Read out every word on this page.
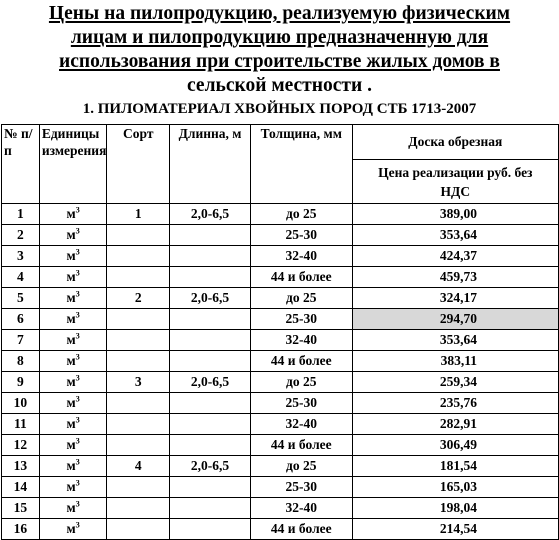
Цены на пилопродукцию, реализуемую физическим
лицам и пилопродукцию предназначенную для
использования при строительстве жилых домов в
сельской местности .
1. ПИЛОМАТЕРИАЛ ХВОЙНЫХ ПОРОД СТБ 1713-2007
№ п/п	Единицы измерения	Сорт	Длинна, м	Толщина, мм	Доска обрезная
					Цена реализации руб. без НДС
1	$м^3$	1	2,0-6,5	до 25	389,00
2	$м^3$			25-30	353,64
3	$м^3$			32-40	424,37
4	$м^3$			44 и более	459,73
5	$м^3$	2	2,0-6,5	до 25	324,17
6	$м^3$			25-30	294,70
7	$м^3$			32-40	353,64
8	$м^3$			44 и более	383,11
9	$м^3$	3	2,0-6,5	до 25	259,34
10	$м^3$			25-30	235,76
11	$м^3$			32-40	282,91
12	$м^3$			44 и более	306,49
13	$м^3$	4	2,0-6,5	до 25	181,54
14	$м^3$			25-30	165,03
15	$м^3$			32-40	198,04
16	$м^3$			44 и более	214,54
